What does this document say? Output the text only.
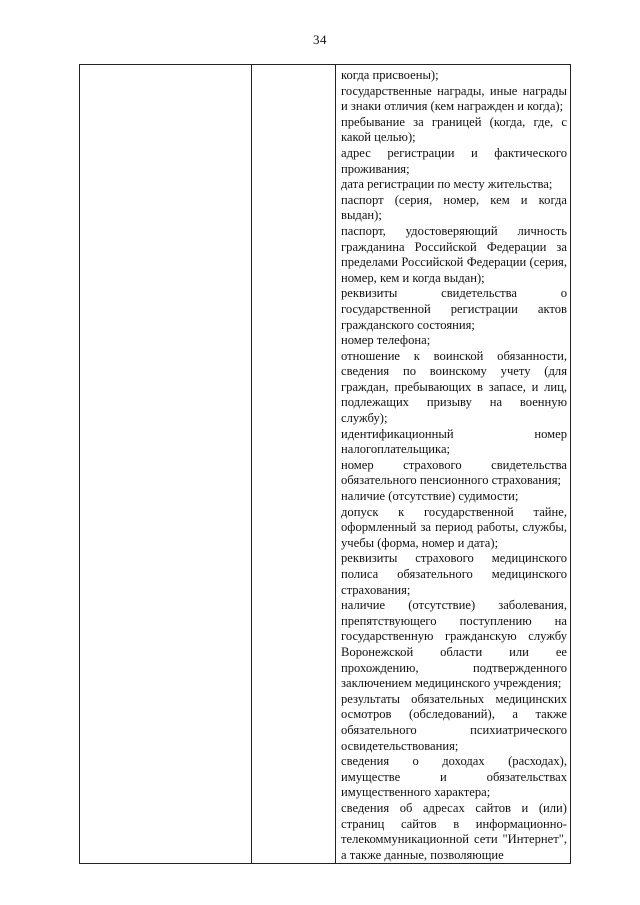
34

когда присвоены);
государственные награды, иные награды и знаки отличия (кем награжден и когда);
пребывание за границей (когда, где, с какой целью);
адрес регистрации и фактического проживания;
дата регистрации по месту жительства;
паспорт (серия, номер, кем и когда выдан);
паспорт, удостоверяющий личность гражданина Российской Федерации за пределами Российской Федерации (серия, номер, кем и когда выдан);
реквизиты свидетельства о государственной регистрации актов гражданского состояния;
номер телефона;
отношение к воинской обязанности, сведения по воинскому учету (для граждан, пребывающих в запасе, и лиц, подлежащих призыву на военную службу);
идентификационный номер налогоплательщика;
номер страхового свидетельства обязательного пенсионного страхования;
наличие (отсутствие) судимости;
допуск к государственной тайне, оформленный за период работы, службы, учебы (форма, номер и дата);
реквизиты страхового медицинского полиса обязательного медицинского страхования;
наличие (отсутствие) заболевания, препятствующего поступлению на государственную гражданскую службу Воронежской области или ее прохождению, подтвержденного заключением медицинского учреждения;
результаты обязательных медицинских осмотров (обследований), а также обязательного психиатрического освидетельствования;
сведения о доходах (расходах), имуществе и обязательствах имущественного характера;
сведения об адресах сайтов и (или) страниц сайтов в информационно-телекоммуникационной сети "Интернет", а также данные, позволяющие
